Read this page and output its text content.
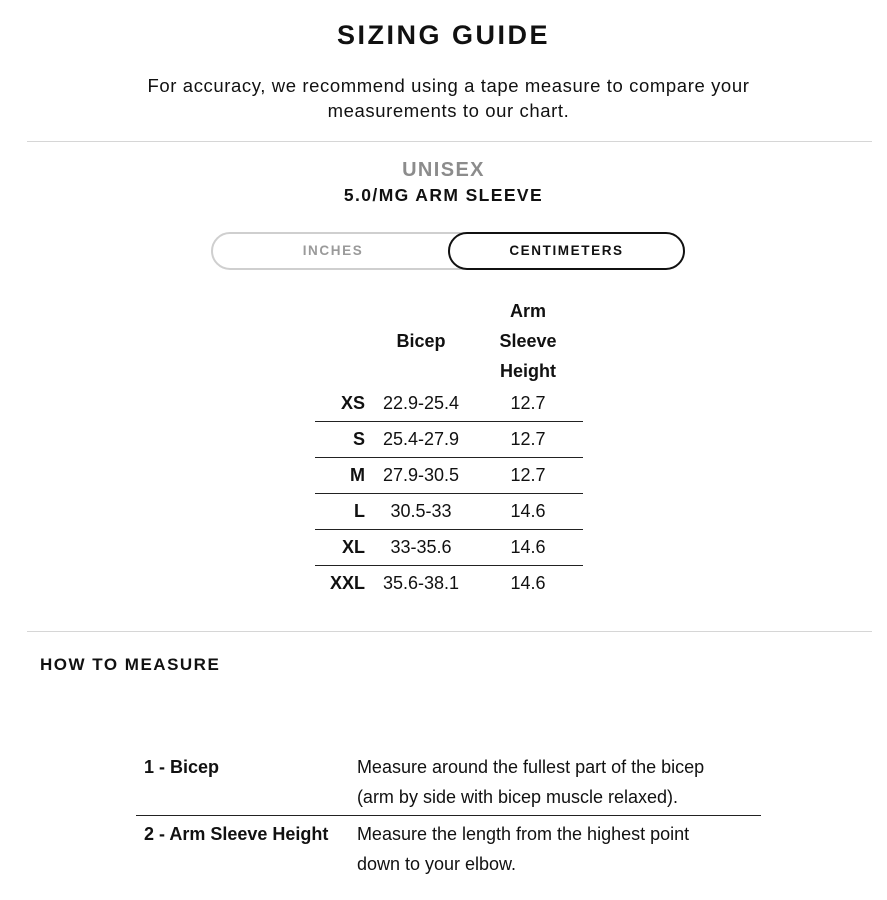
SIZING GUIDE
For accuracy, we recommend using a tape measure to compare your measurements to our chart.
UNISEX
5.0/MG ARM SLEEVE
INCHES	CENTIMETERS
	Bicep	Arm
Sleeve
Height

XS	22.9-25.4	12.7
S	25.4-27.9	12.7
M	27.9-30.5	12.7
L	30.5-33	14.6
XL	33-35.6	14.6
XXL	35.6-38.1	14.6
HOW TO MEASURE
1 - Bicep	Measure around the fullest part of the bicep
(arm by side with bicep muscle relaxed).

2 - Arm Sleeve Height	Measure the length from the highest point
down to your elbow.
